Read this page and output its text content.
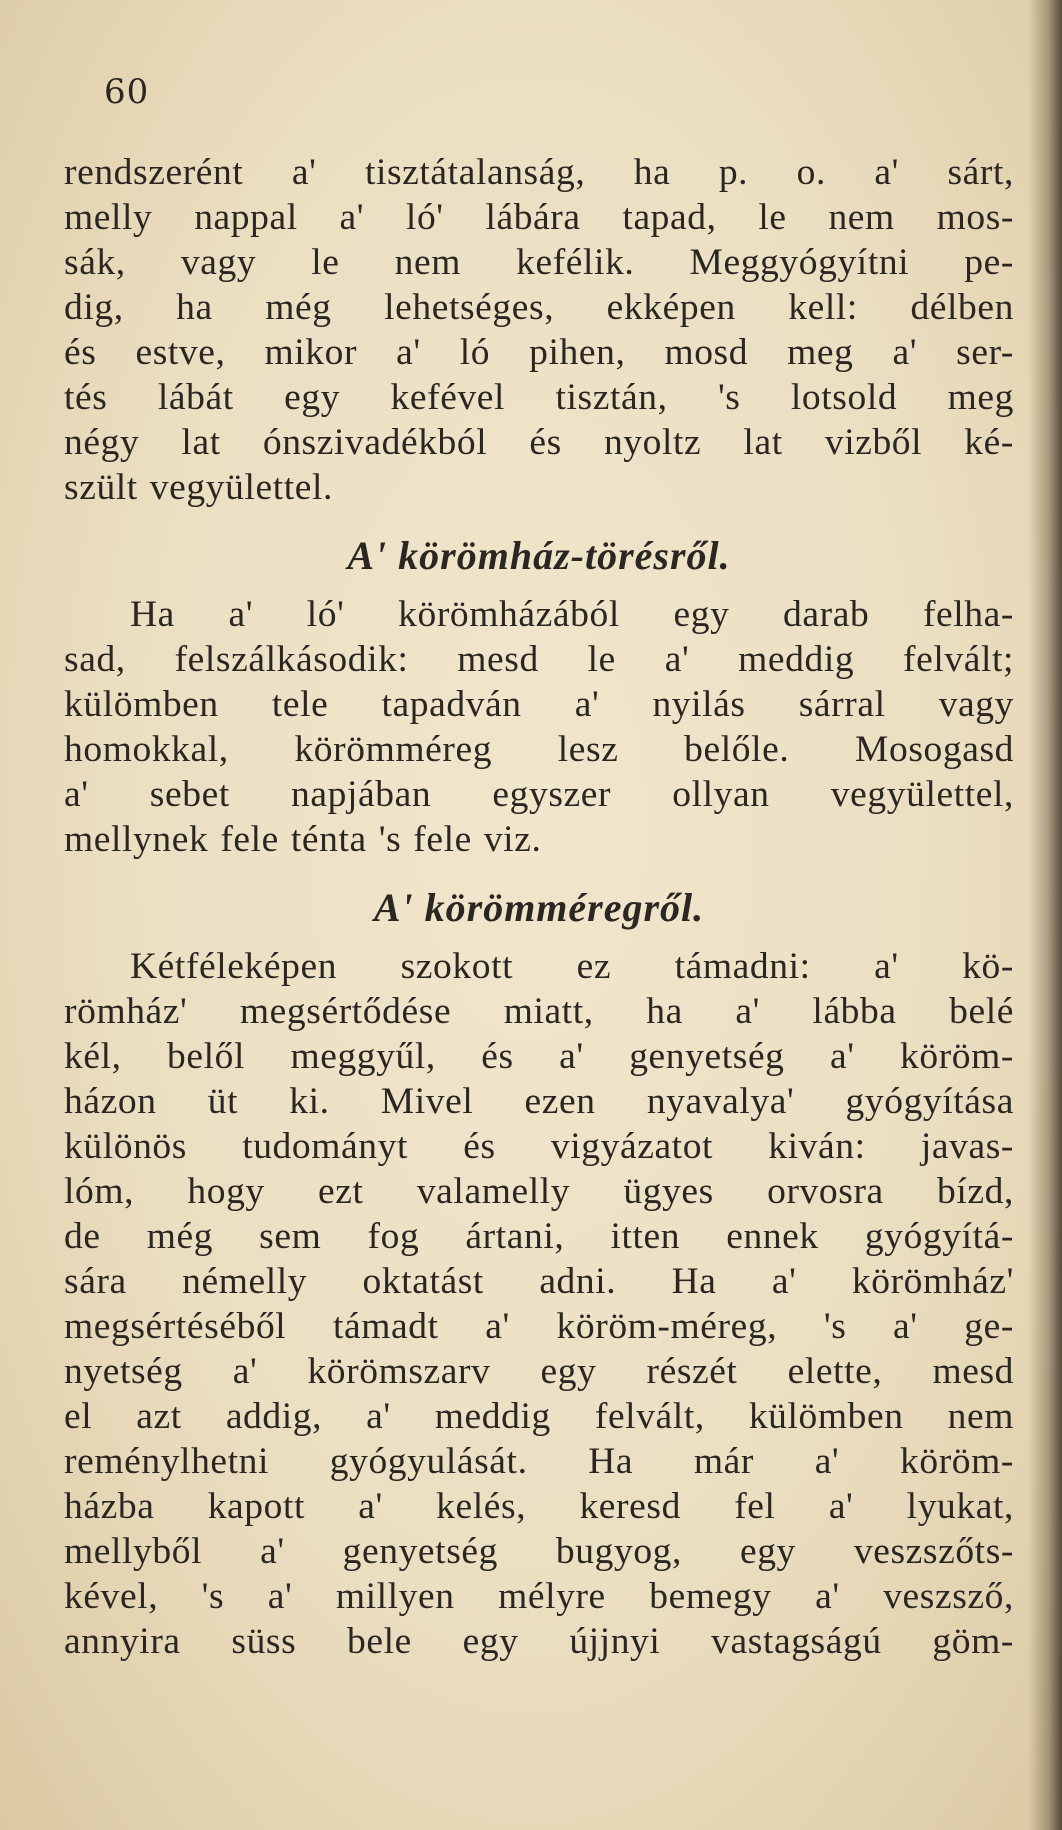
60
rendszerént a' tisztátalanság, ha p. o. a' sárt,
melly nappal a' ló' lábára tapad, le nem mos-
sák, vagy le nem kefélik. Meggyógyítni pe-
dig, ha még lehetséges, ekképen kell: délben
és estve, mikor a' ló pihen, mosd meg a' ser-
tés lábát egy kefével tisztán, 's lotsold meg
négy lat ónszivadékból és nyoltz lat vizből ké-
szült vegyülettel.
A' körömház-törésről.
Ha a' ló' körömházából egy darab felha-
sad, felszálkásodik: mesd le a' meddig felvált;
külömben tele tapadván a' nyilás sárral vagy
homokkal, körömméreg lesz belőle. Mosogasd
a' sebet napjában egyszer ollyan vegyülettel,
mellynek fele ténta 's fele viz.
A' körömméregről.
Kétféleképen szokott ez támadni: a' kö-
römház' megsértődése miatt, ha a' lábba belé
kél, belől meggyűl, és a' genyetség a' köröm-
házon üt ki. Mivel ezen nyavalya' gyógyítása
különös tudományt és vigyázatot kiván: javas-
lóm, hogy ezt valamelly ügyes orvosra bízd,
de még sem fog ártani, itten ennek gyógyítá-
sára némelly oktatást adni. Ha a' körömház'
megsértéséből támadt a' köröm-méreg, 's a' ge-
nyetség a' körömszarv egy részét elette, mesd
el azt addig, a' meddig felvált, külömben nem
reménylhetni gyógyulását. Ha már a' köröm-
házba kapott a' kelés, keresd fel a' lyukat,
mellyből a' genyetség bugyog, egy veszszőts-
kével, 's a' millyen mélyre bemegy a' veszsző,
annyira süss bele egy újjnyi vastagságú göm-
